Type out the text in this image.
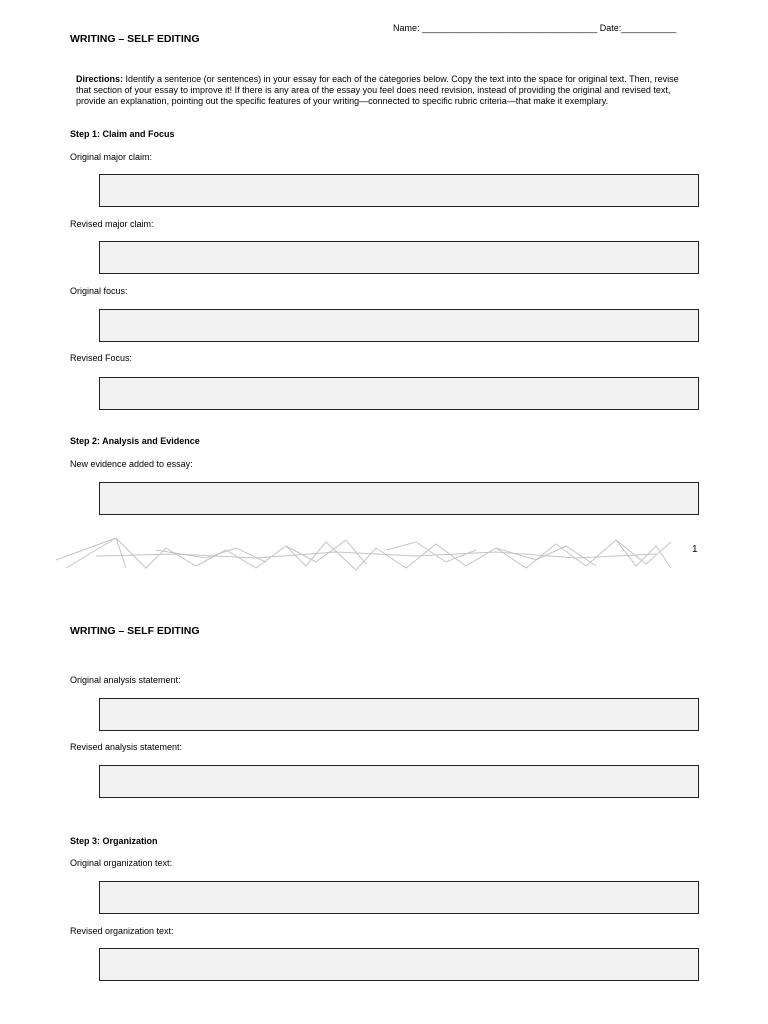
Name: ___________________________________ Date:___________
WRITING – SELF EDITING
Directions: Identify a sentence (or sentences) in your essay for each of the categories below. Copy the text into the space for original text. Then, revise that section of your essay to improve it! If there is any area of the essay you feel does need revision, instead of providing the original and revised text, provide an explanation, pointing out the specific features of your writing—connected to specific rubric criteria—that make it exemplary.
Step 1: Claim and Focus
Original major claim:
Revised major claim:
Original focus:
Revised Focus:
Step 2: Analysis and Evidence
New evidence added to essay:
1
WRITING – SELF EDITING
Original analysis statement:
Revised analysis statement:
Step 3: Organization
Original organization text:
Revised organization text:
